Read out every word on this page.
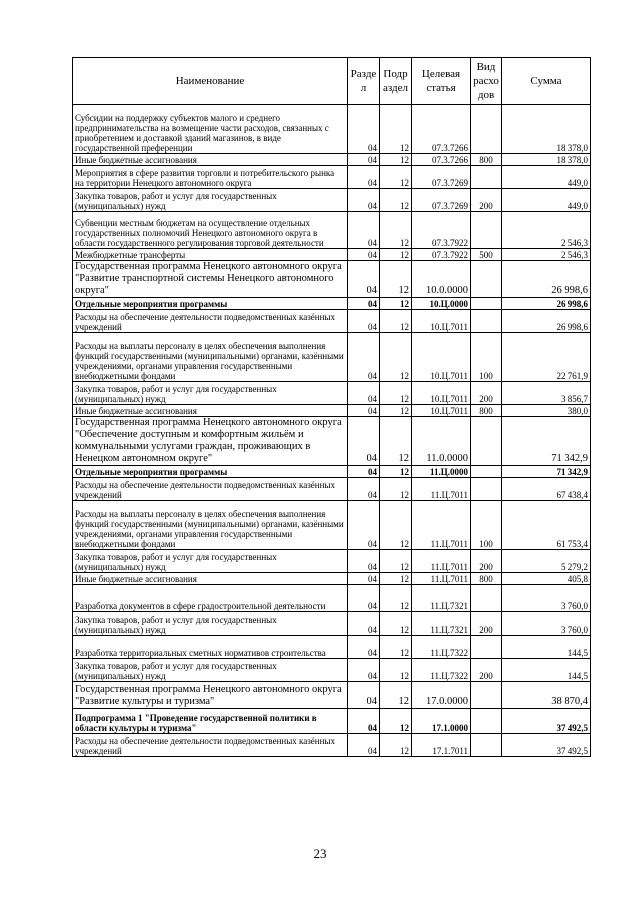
Наименование	Разде л	Подр аздел	Целевая статья	Вид расхо дов	Сумма
Субсидии на поддержку субъектов малого и среднего предпринимательства на возмещение части расходов, связанных с приобретением и доставкой зданий магазинов, в виде государственной преференции	04	12	07.3.7266		18 378,0
Иные бюджетные ассигнования	04	12	07.3.7266	800	18 378,0
Мероприятия в сфере развития торговли и потребительского рынка на территории Ненецкого автономного округа	04	12	07.3.7269		449,0
Закупка товаров, работ и услуг для государственных (муниципальных) нужд	04	12	07.3.7269	200	449,0
Субвенции местным бюджетам на осуществление отдельных государственных полномочий Ненецкого автономного округа в области государственного регулирования торговой деятельности	04	12	07.3.7922		2 546,3
Межбюджетные трансферты	04	12	07.3.7922	500	2 546,3
Государственная программа Ненецкого автономного округа "Развитие транспортной системы Ненецкого автономного округа"	04	12	10.0.0000		26 998,6
Отдельные мероприятия программы	04	12	10.Ц.0000		26 998,6
Расходы на обеспечение деятельности подведомственных казённых учреждений	04	12	10.Ц.7011		26 998,6
Расходы на выплаты персоналу в целях обеспечения выполнения функций государственными (муниципальными) органами, казёнными учреждениями, органами управления государственными внебюджетными фондами	04	12	10.Ц.7011	100	22 761,9
Закупка товаров, работ и услуг для государственных (муниципальных) нужд	04	12	10.Ц.7011	200	3 856,7
Иные бюджетные ассигнования	04	12	10.Ц.7011	800	380,0
Государственная программа Ненецкого автономного округа "Обеспечение доступным и комфортным жильём и коммунальными услугами граждан, проживающих в Ненецком автономном округе"	04	12	11.0.0000		71 342,9
Отдельные мероприятия программы	04	12	11.Ц.0000		71 342,9
Расходы на обеспечение деятельности подведомственных казённых учреждений	04	12	11.Ц.7011		67 438,4
Расходы на выплаты персоналу в целях обеспечения выполнения функций государственными (муниципальными) органами, казёнными учреждениями, органами управления государственными внебюджетными фондами	04	12	11.Ц.7011	100	61 753,4
Закупка товаров, работ и услуг для государственных (муниципальных) нужд	04	12	11.Ц.7011	200	5 279,2
Иные бюджетные ассигнования	04	12	11.Ц.7011	800	405,8
Разработка документов в сфере градостроительной деятельности	04	12	11.Ц.7321		3 760,0
Закупка товаров, работ и услуг для государственных (муниципальных) нужд	04	12	11.Ц.7321	200	3 760,0
Разработка территориальных сметных нормативов строительства	04	12	11.Ц.7322		144,5
Закупка товаров, работ и услуг для государственных (муниципальных) нужд	04	12	11.Ц.7322	200	144,5
Государственная программа Ненецкого автономного округа "Развитие культуры и туризма"	04	12	17.0.0000		38 870,4
Подпрограмма 1 "Проведение государственной политики в области культуры и туризма"	04	12	17.1.0000		37 492,5
Расходы на обеспечение деятельности подведомственных казённых учреждений	04	12	17.1.7011		37 492,5
23
